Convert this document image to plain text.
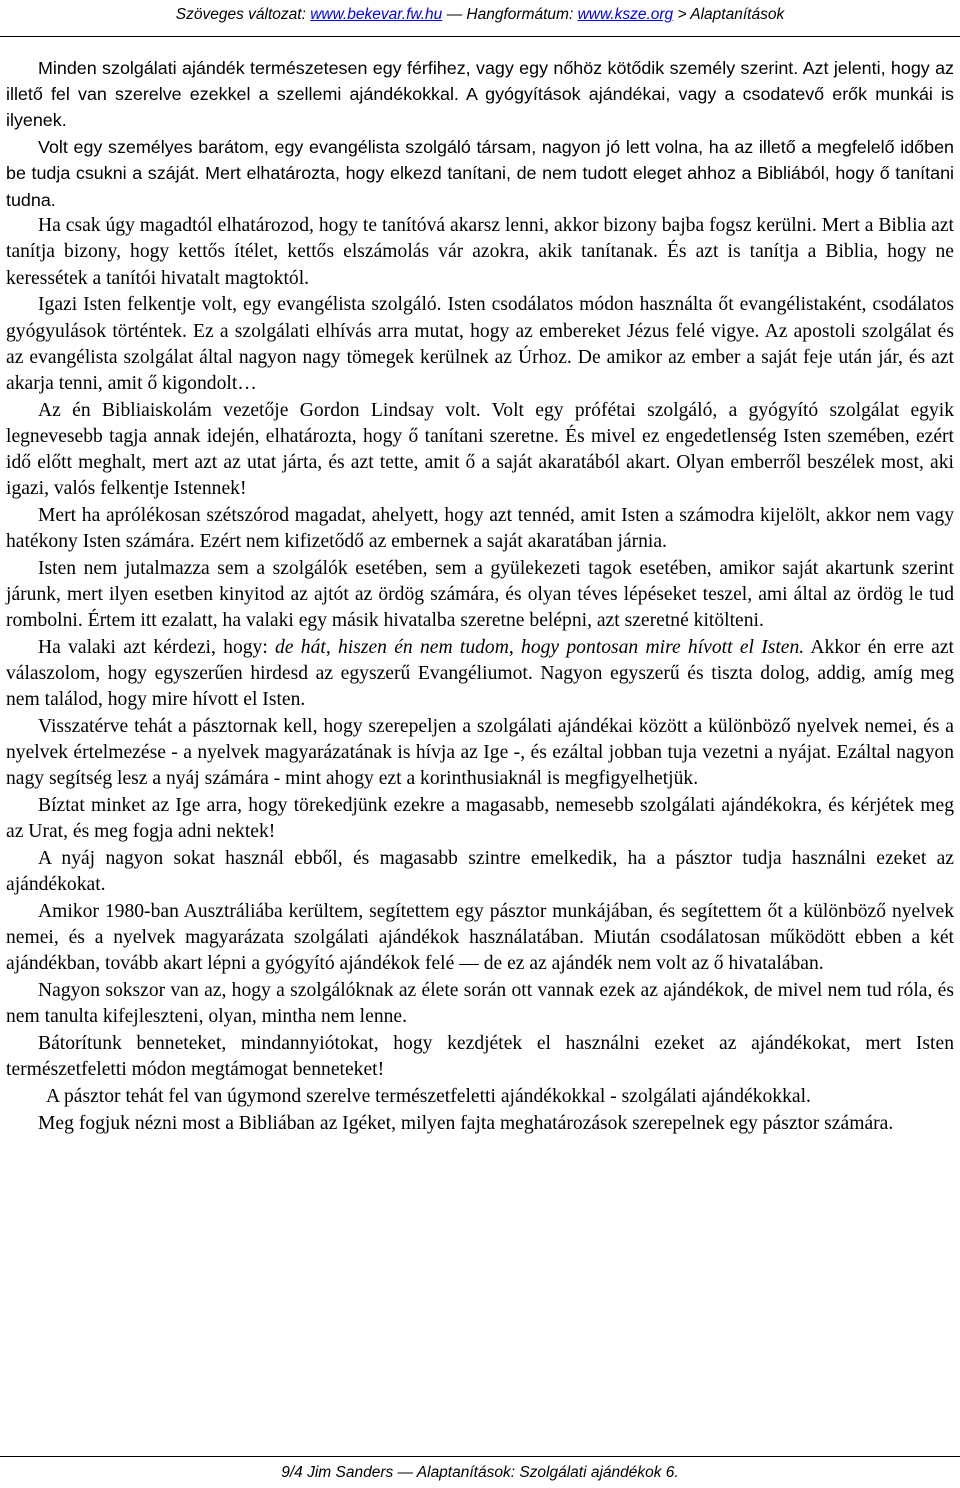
Szöveges változat: www.bekevar.fw.hu — Hangformátum: www.ksze.org > Alaptanítások

Minden szolgálati ajándék természetesen egy férfihez, vagy egy nőhöz kötődik személy szerint. Azt jelenti, hogy az illető fel van szerelve ezekkel a szellemi ajándékokkal. A gyógyítások ajándékai, vagy a csodatevő erők munkái is ilyenek.

Volt egy személyes barátom, egy evangélista szolgáló társam, nagyon jó lett volna, ha az illető a megfelelő időben be tudja csukni a száját. Mert elhatározta, hogy elkezd tanítani, de nem tudott eleget ahhoz a Bibliából, hogy ő tanítani tudna.

Ha csak úgy magadtól elhatározod, hogy te tanítóvá akarsz lenni, akkor bizony bajba fogsz kerülni. Mert a Biblia azt tanítja bizony, hogy kettős ítélet, kettős elszámolás vár azokra, akik tanítanak. És azt is tanítja a Biblia, hogy ne keressétek a tanítói hivatalt magtoktól.

Igazi Isten felkentje volt, egy evangélista szolgáló. Isten csodálatos módon használta őt evangélistaként, csodálatos gyógyulások történtek. Ez a szolgálati elhívás arra mutat, hogy az embereket Jézus felé vigye. Az apostoli szolgálat és az evangélista szolgálat által nagyon nagy tömegek kerülnek az Úrhoz. De amikor az ember a saját feje után jár, és azt akarja tenni, amit ő kigondolt…

Az én Bibliaiskolám vezetője Gordon Lindsay volt. Volt egy prófétai szolgáló, a gyógyító szolgálat egyik legnevesebb tagja annak idején, elhatározta, hogy ő tanítani szeretne. És mivel ez engedetlenség Isten szemében, ezért idő előtt meghalt, mert azt az utat járta, és azt tette, amit ő a saját akaratából akart. Olyan emberről beszélek most, aki igazi, valós felkentje Istennek!

Mert ha aprólékosan szétszórod magadat, ahelyett, hogy azt tennéd, amit Isten a számodra kijelölt, akkor nem vagy hatékony Isten számára. Ezért nem kifizetődő az embernek a saját akaratában járnia.

Isten nem jutalmazza sem a szolgálók esetében, sem a gyülekezeti tagok esetében, amikor saját akartunk szerint járunk, mert ilyen esetben kinyitod az ajtót az ördög számára, és olyan téves lépéseket teszel, ami által az ördög le tud rombolni. Értem itt ezalatt, ha valaki egy másik hivatalba szeretne belépni, azt szeretné kitölteni.

Ha valaki azt kérdezi, hogy: de hát, hiszen én nem tudom, hogy pontosan mire hívott el Isten. Akkor én erre azt válaszolom, hogy egyszerűen hirdesd az egyszerű Evangéliumot. Nagyon egyszerű és tiszta dolog, addig, amíg meg nem találod, hogy mire hívott el Isten.

Visszatérve tehát a pásztornak kell, hogy szerepeljen a szolgálati ajándékai között a különböző nyelvek nemei, és a nyelvek értelmezése - a nyelvek magyarázatának is hívja az Ige -, és ezáltal jobban tuja vezetni a nyájat. Ezáltal nagyon nagy segítség lesz a nyáj számára - mint ahogy ezt a korinthusiaknál is megfigyelhetjük.

Bíztat minket az Ige arra, hogy törekedjünk ezekre a magasabb, nemesebb szolgálati ajándékokra, és kérjétek meg az Urat, és meg fogja adni nektek!

A nyáj nagyon sokat használ ebből, és magasabb szintre emelkedik, ha a pásztor tudja használni ezeket az ajándékokat.

Amikor 1980-ban Ausztráliába kerültem, segítettem egy pásztor munkájában, és segítettem őt a különböző nyelvek nemei, és a nyelvek magyarázata szolgálati ajándékok használatában. Miután csodálatosan működött ebben a két ajándékban, tovább akart lépni a gyógyító ajándékok felé — de ez az ajándék nem volt az ő hivatalában.

Nagyon sokszor van az, hogy a szolgálóknak az élete során ott vannak ezek az ajándékok, de mivel nem tud róla, és nem tanulta kifejleszteni, olyan, mintha nem lenne.

Bátorítunk benneteket, mindannyiótokat, hogy kezdjétek el használni ezeket az ajándékokat, mert Isten természetfeletti módon megtámogat benneteket!

A pásztor tehát fel van úgymond szerelve természetfeletti ajándékokkal - szolgálati ajándékokkal.

Meg fogjuk nézni most a Bibliában az Igéket, milyen fajta meghatározások szerepelnek egy pásztor számára.

9/4 Jim Sanders — Alaptanítások: Szolgálati ajándékok 6.
